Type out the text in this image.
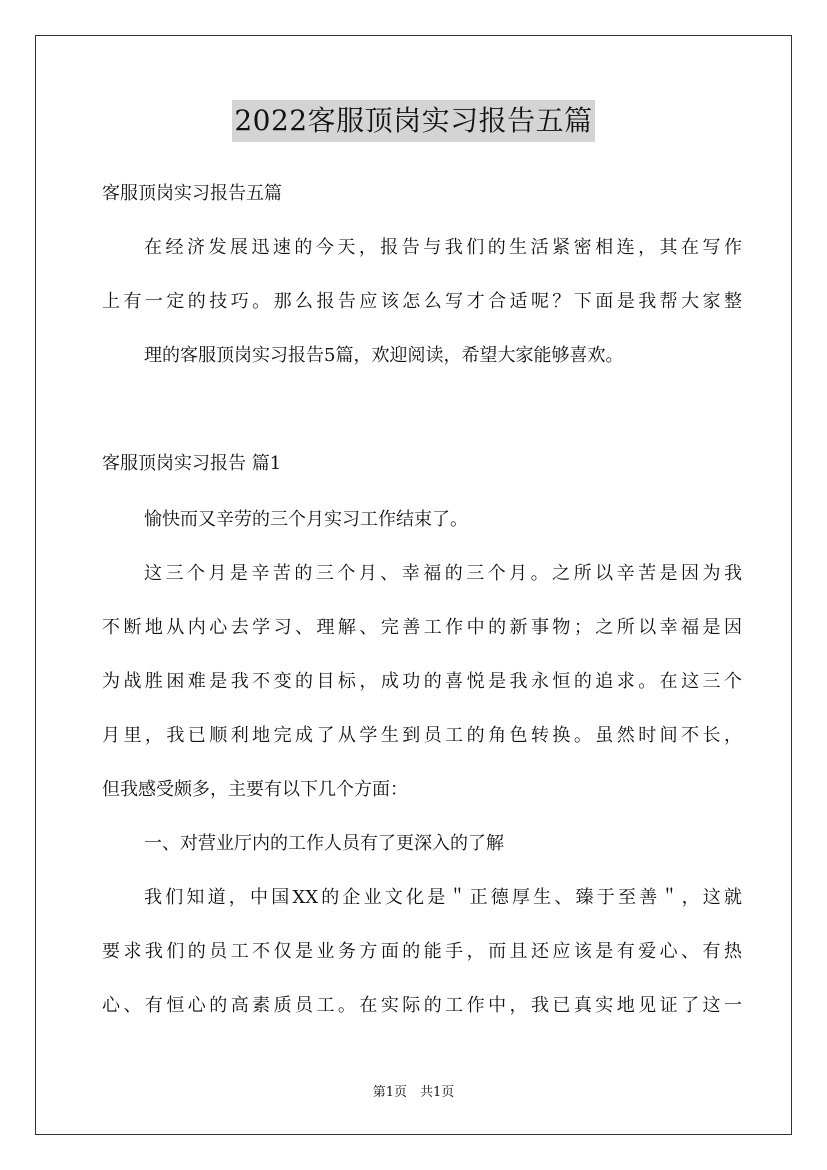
2022客服顶岗实习报告五篇
客服顶岗实习报告五篇
在经济发展迅速的今天，报告与我们的生活紧密相连，其在写作
上有一定的技巧。那么报告应该怎么写才合适呢？下面是我帮大家整
理的客服顶岗实习报告5篇，欢迎阅读，希望大家能够喜欢。
客服顶岗实习报告 篇1
愉快而又辛劳的三个月实习工作结束了。
这三个月是辛苦的三个月、幸福的三个月。之所以辛苦是因为我
不断地从内心去学习、理解、完善工作中的新事物；之所以幸福是因
为战胜困难是我不变的目标，成功的喜悦是我永恒的追求。在这三个
月里，我已顺利地完成了从学生到员工的角色转换。虽然时间不长，
但我感受颇多，主要有以下几个方面：
一、对营业厅内的工作人员有了更深入的了解
我们知道，中国XX的企业文化是＂正德厚生、臻于至善＂，这就
要求我们的员工不仅是业务方面的能手，而且还应该是有爱心、有热
心、有恒心的高素质员工。在实际的工作中，我已真实地见证了这一
第1页　共1页
